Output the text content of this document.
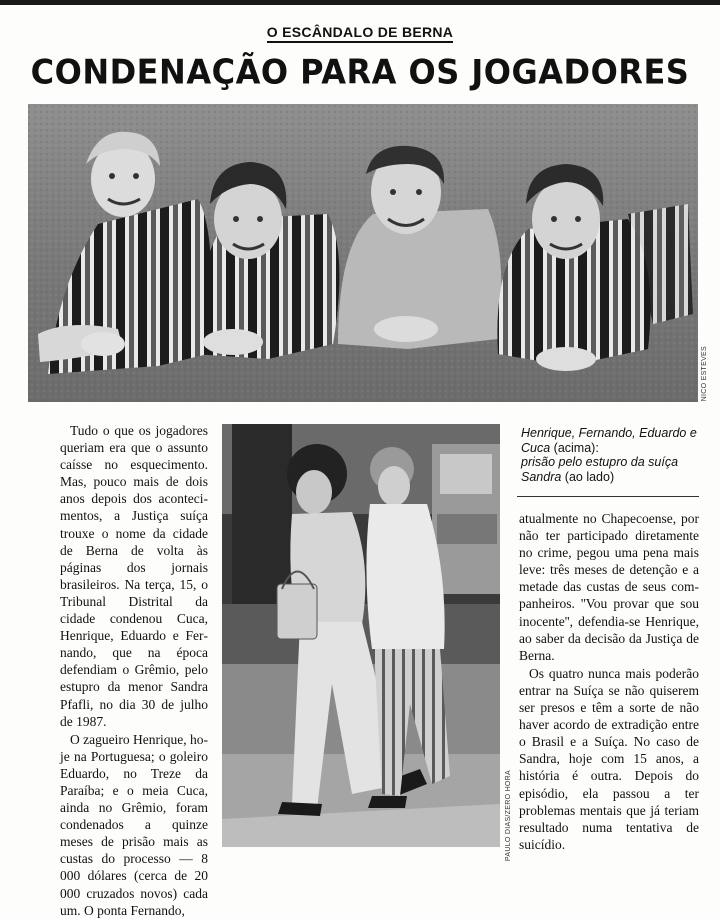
O ESCÂNDALO DE BERNA
CONDENAÇÃO PARA OS JOGADORES
NICO ESTEVES

Tudo o que os jogadores queriam era que o assunto caísse no esquecimento. Mas, pouco mais de dois anos depois dos acontecimentos, a Justiça suíça trouxe o nome da cidade de Berna de volta às páginas dos jornais brasileiros. Na terça, 15, o Tribunal Distrital da cidade condenou Cuca, Henrique, Eduardo e Fernando, que na época defendiam o Grêmio, pelo estupro da menor Sandra Pfafli, no dia 30 de julho de 1987.

O zagueiro Henrique, hoje na Portuguesa; o goleiro Eduardo, no Treze da Paraíba; e o meia Cuca, ainda no Grêmio, foram condenados a quinze meses de prisão mais as custas do processo — 8 000 dólares (cerca de 20 000 cruzados novos) cada um. O ponta Fernando,

PAULO DIAS/ZERO HORA
Henrique, Fernando, Eduardo e Cuca (acima):
prisão pelo estupro da suíça Sandra (ao lado)

atualmente no Chapecoense, por não ter participado diretamente no crime, pegou uma pena mais leve: três meses de detenção e a metade das custas de seus companheiros. ''Vou provar que sou inocente'', defendia-se Henrique, ao saber da decisão da Justiça de Berna.

Os quatro nunca mais poderão entrar na Suíça se não quiserem ser presos e têm a sorte de não haver acordo de extradição entre o Brasil e a Suíça. No caso de Sandra, hoje com 15 anos, a história é outra. Depois do episódio, ela passou a ter problemas mentais que já teriam resultado numa tentativa de suicídio.
